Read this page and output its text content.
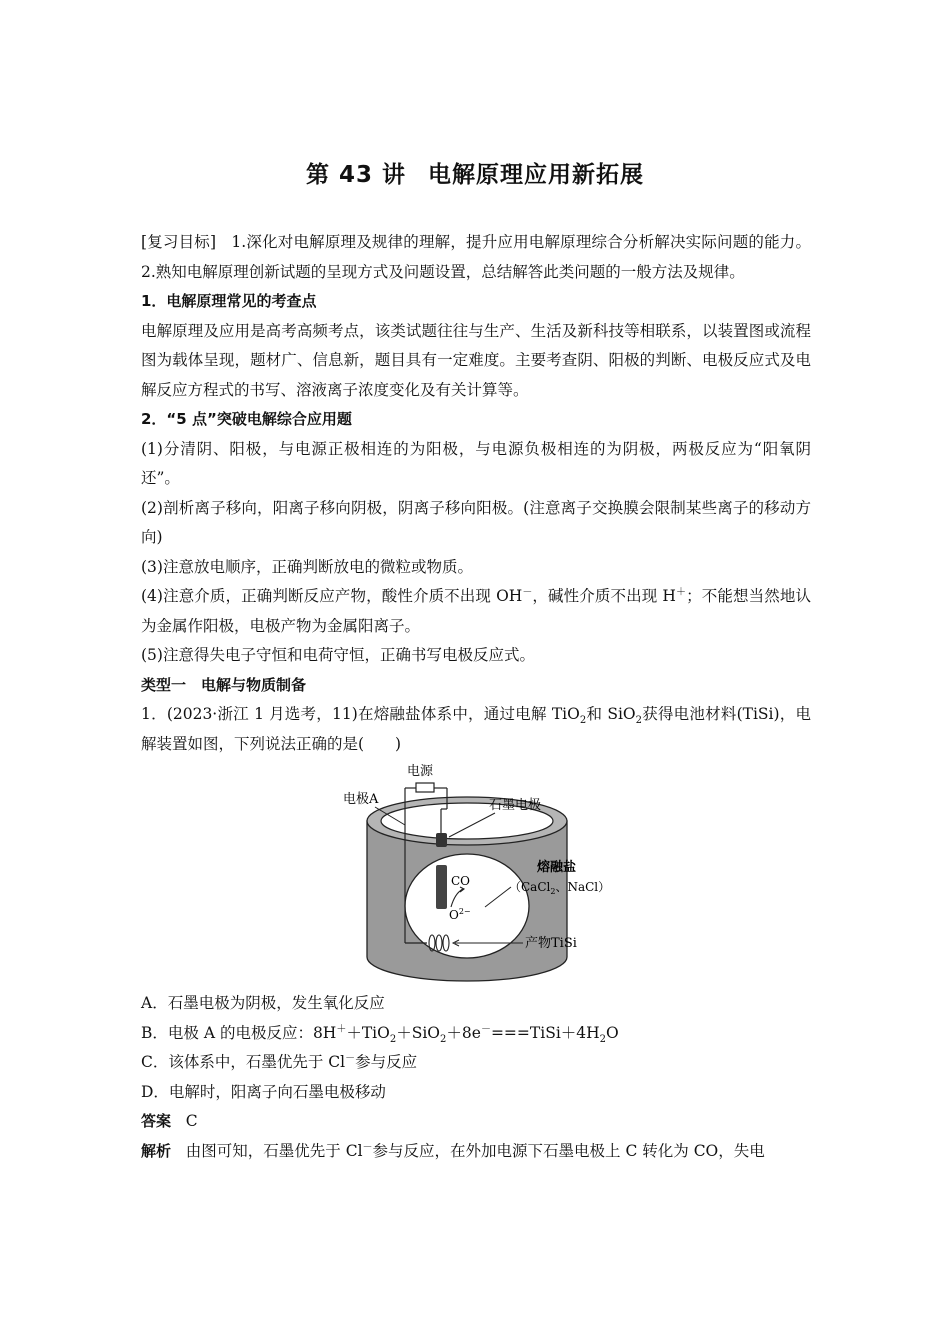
第 43 讲 电解原理应用新拓展

[复习目标] 1.深化对电解原理及规律的理解，提升应用电解原理综合分析解决实际问题的能力。2.熟知电解原理创新试题的呈现方式及问题设置，总结解答此类问题的一般方法及规律。

1．电解原理常见的考查点

电解原理及应用是高考高频考点，该类试题往往与生产、生活及新科技等相联系，以装置图或流程图为载体呈现，题材广、信息新，题目具有一定难度。主要考查阴、阳极的判断、电极反应式及电解反应方程式的书写、溶液离子浓度变化及有关计算等。

2．“5 点”突破电解综合应用题

(1)分清阴、阳极，与电源正极相连的为阳极，与电源负极相连的为阴极，两极反应为“阳氧阴还”。

(2)剖析离子移向，阳离子移向阴极，阴离子移向阳极。(注意离子交换膜会限制某些离子的移动方向)

(3)注意放电顺序，正确判断放电的微粒或物质。

(4)注意介质，正确判断反应产物，酸性介质不出现 OH－，碱性介质不出现 H＋；不能想当然地认为金属作阳极，电极产物为金属阳离子。

(5)注意得失电子守恒和电荷守恒，正确书写电极反应式。

类型一　电解与物质制备

1．(2023·浙江 1 月选考，11)在熔融盐体系中，通过电解 TiO$_2$和 SiO$_2$获得电池材料(TiSi)，电解装置如图，下列说法正确的是(　　)

电源
电极A	石墨电极
熔融盐
（CaCl$_2$、NaCl）
CO
$O^{2-}$
产物TiSi

A．石墨电极为阴极，发生氧化反应

B．电极 A 的电极反应：$8H^++TiO_2+SiO_2+8e^-===TiSi+4H_2O$

C．该体系中，石墨优先于 Cl－参与反应

D．电解时，阳离子向石墨电极移动

答案 C

解析 由图可知，石墨优先于 Cl－参与反应，在外加电源下石墨电极上 C 转化为 CO，失电
